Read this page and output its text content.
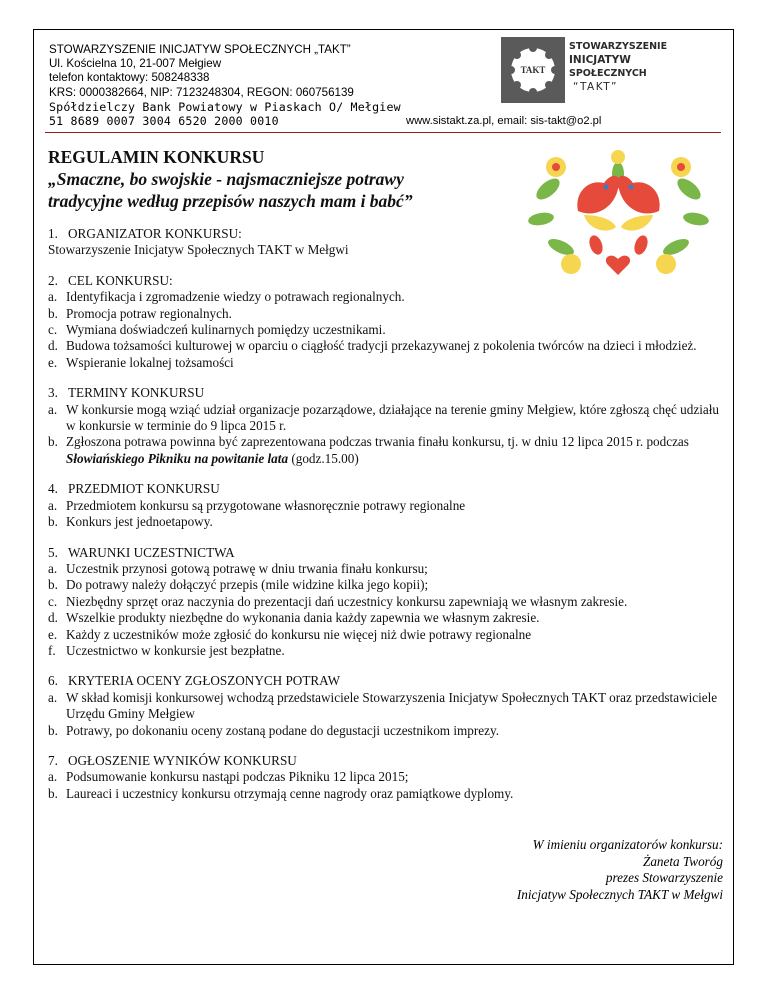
STOWARZYSZENIE INICJATYW SPOŁECZNYCH „TAKT”
Ul. Kościelna 10, 21-007 Mełgiew
telefon kontaktowy: 508248338
KRS: 0000382664, NIP: 7123248304, REGON: 060756139
Spółdzielczy Bank Powiatowy w Piaskach O/ Mełgiew
51 8689 0007 3004 6520 2000 0010	www.sistakt.za.pl, email: sis-takt@o2.pl
TAKT
STOWARZYSZENIE
INICJATYW
SPOŁECZNYCH
“TAKT”

REGULAMIN KONKURSU

„Smaczne, bo swojskie - najsmaczniejsze potrawy

tradycyjne według przepisów naszych mam i babć”

1. ORGANIZATOR KONKURSU:

Stowarzyszenie Inicjatyw Społecznych TAKT w Mełgwi

2. CEL KONKURSU:
a. Identyfikacja i zgromadzenie wiedzy o potrawach regionalnych.
b. Promocja potraw regionalnych.
c. Wymiana doświadczeń kulinarnych pomiędzy uczestnikami.
d. Budowa tożsamości kulturowej w oparciu o ciągłość tradycji przekazywanej z pokolenia twórców na dzieci i młodzież.
e. Wspieranie lokalnej tożsamości
3. TERMINY KONKURSU
a. W konkursie mogą wziąć udział organizacje pozarządowe, działające na terenie gminy Mełgiew, które zgłoszą chęć udziału w konkursie w terminie do 9 lipca 2015 r.
b. Zgłoszona potrawa powinna być zaprezentowana podczas trwania finału konkursu, tj. w dniu 12 lipca 2015 r. podczas Słowiańskiego Pikniku na powitanie lata (godz.15.00)
4. PRZEDMIOT KONKURSU
a. Przedmiotem konkursu są przygotowane własnoręcznie potrawy regionalne
b. Konkurs jest jednoetapowy.
5. WARUNKI UCZESTNICTWA
a. Uczestnik przynosi gotową potrawę w dniu trwania finału konkursu;
b. Do potrawy należy dołączyć przepis (mile widzine kilka jego kopii);
c. Niezbędny sprzęt oraz naczynia do prezentacji dań uczestnicy konkursu zapewniają we własnym zakresie.
d. Wszelkie produkty niezbędne do wykonania dania każdy zapewnia we własnym zakresie.
e. Każdy z uczestników może zgłosić do konkursu nie więcej niż dwie potrawy regionalne
f. Uczestnictwo w konkursie jest bezpłatne.
6. KRYTERIA OCENY ZGŁOSZONYCH POTRAW
a. W skład komisji konkursowej wchodzą przedstawiciele Stowarzyszenia Inicjatyw Społecznych TAKT oraz przedstawiciele Urzędu Gminy Mełgiew
b. Potrawy, po dokonaniu oceny zostaną podane do degustacji uczestnikom imprezy.
7. OGŁOSZENIE WYNIKÓW KONKURSU
a. Podsumowanie konkursu nastąpi podczas Pikniku 12 lipca 2015;
b. Laureaci i uczestnicy konkursu otrzymają cenne nagrody oraz pamiątkowe dyplomy.
W imieniu organizatorów konkursu:
Żaneta Tworóg
prezes Stowarzyszenie
Inicjatyw Społecznych TAKT w Mełgwi
